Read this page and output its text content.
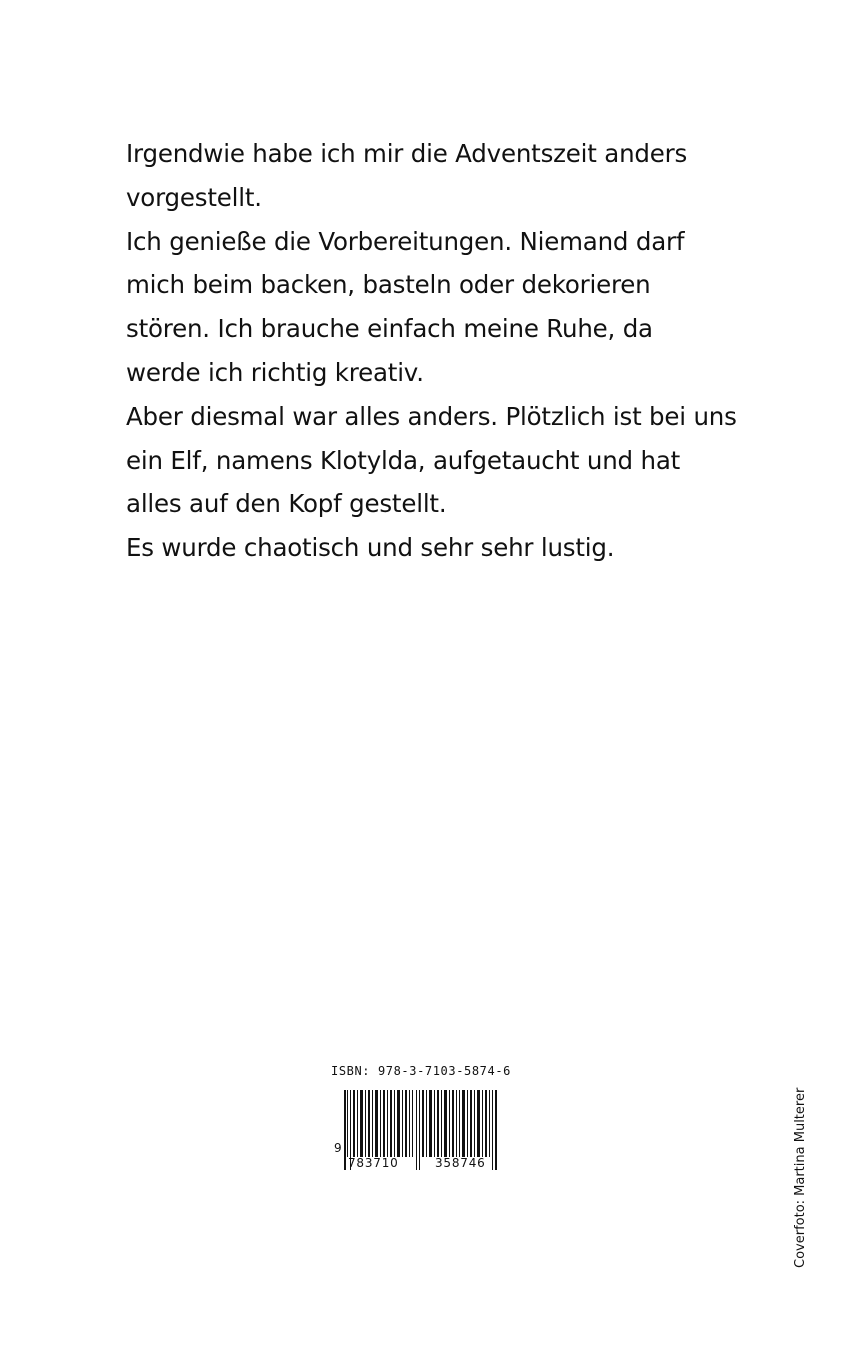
Irgendwie habe ich mir die Adventszeit anders
vorgestellt.
Ich genieße die Vorbereitungen. Niemand darf
mich beim backen, basteln oder dekorieren
stören. Ich brauche einfach meine Ruhe, da
werde ich richtig kreativ.
Aber diesmal war alles anders. Plötzlich ist bei uns
ein Elf, namens Klotylda, aufgetaucht und hat
alles auf den Kopf gestellt.
Es wurde chaotisch und sehr sehr lustig.
ISBN: 978-3-7103-5874-6
9
783710	358746	Coverfoto: Martina Multerer
